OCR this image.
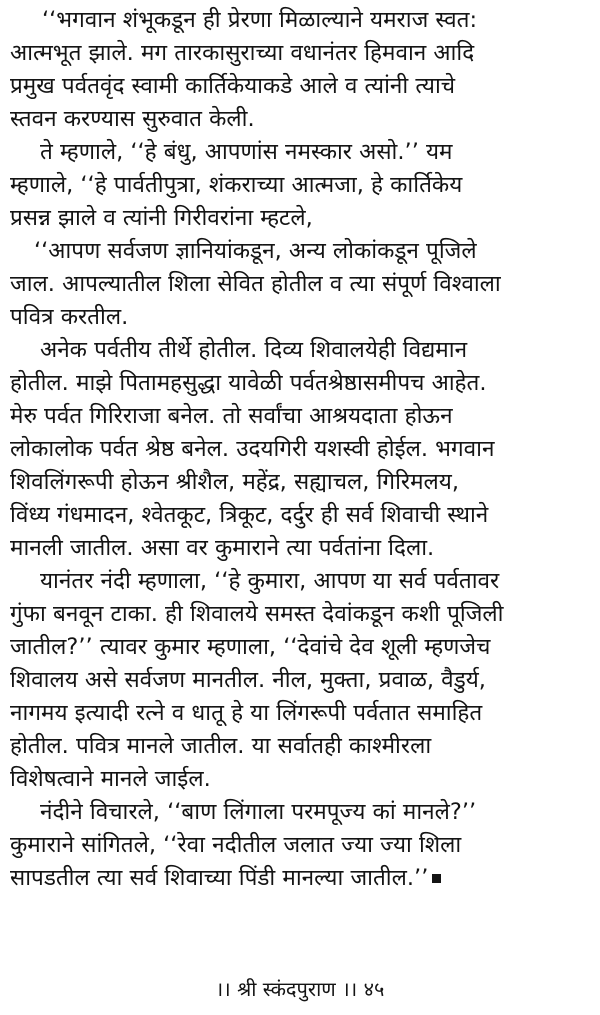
‘‘भगवान शंभूकडून ही प्रेरणा मिळाल्याने यमराज स्वत:
आत्मभूत झाले. मग तारकासुराच्या वधानंतर हिमवान आदि
प्रमुख पर्वतवृंद स्वामी कार्तिकेयाकडे आले व त्यांनी त्याचे
स्तवन करण्यास सुरुवात केली.
ते म्हणाले, ‘‘हे बंधु, आपणांस नमस्कार असो.’’ यम
म्हणाले, ‘‘हे पार्वतीपुत्रा, शंकराच्या आत्मजा, हे कार्तिकेय
प्रसन्न झाले व त्यांनी गिरीवरांना म्हटले,
‘‘आपण सर्वजण ज्ञानियांकडून, अन्य लोकांकडून पूजिले
जाल. आपल्यातील शिला सेवित होतील व त्या संपूर्ण विश्वाला
पवित्र करतील.
अनेक पर्वतीय तीर्थे होतील. दिव्य शिवालयेही विद्यमान
होतील. माझे पितामहसुद्धा यावेळी पर्वतश्रेष्ठासमीपच आहेत.
मेरु पर्वत गिरिराजा बनेल. तो सर्वांचा आश्रयदाता होऊन
लोकालोक पर्वत श्रेष्ठ बनेल. उदयगिरी यशस्वी होईल. भगवान
शिवलिंगरूपी होऊन श्रीशैल, महेंद्र, सह्याचल, गिरिमलय,
विंध्य गंधमादन, श्वेतकूट, त्रिकूट, दर्दुर ही सर्व शिवाची स्थाने
मानली जातील. असा वर कुमाराने त्या पर्वतांना दिला.
यानंतर नंदी म्हणाला, ‘‘हे कुमारा, आपण या सर्व पर्वतावर
गुंफा बनवून टाका. ही शिवालये समस्त देवांकडून कशी पूजिली
जातील?’’ त्यावर कुमार म्हणाला, ‘‘देवांचे देव शूली म्हणजेच
शिवालय असे सर्वजण मानतील. नील, मुक्ता, प्रवाळ, वैडुर्य,
नागमय इत्यादी रत्ने व धातू हे या लिंगरूपी पर्वतात समाहित
होतील. पवित्र मानले जातील. या सर्वातही काश्मीरला
विशेषत्वाने मानले जाईल.
नंदीने विचारले, ‘‘बाण लिंगाला परमपूज्य कां मानले?’’
कुमाराने सांगितले, ‘‘रेवा नदीतील जलात ज्या ज्या शिला
सापडतील त्या सर्व शिवाच्या पिंडी मानल्या जातील.’’
।। श्री स्कंदपुराण ।। ४५
